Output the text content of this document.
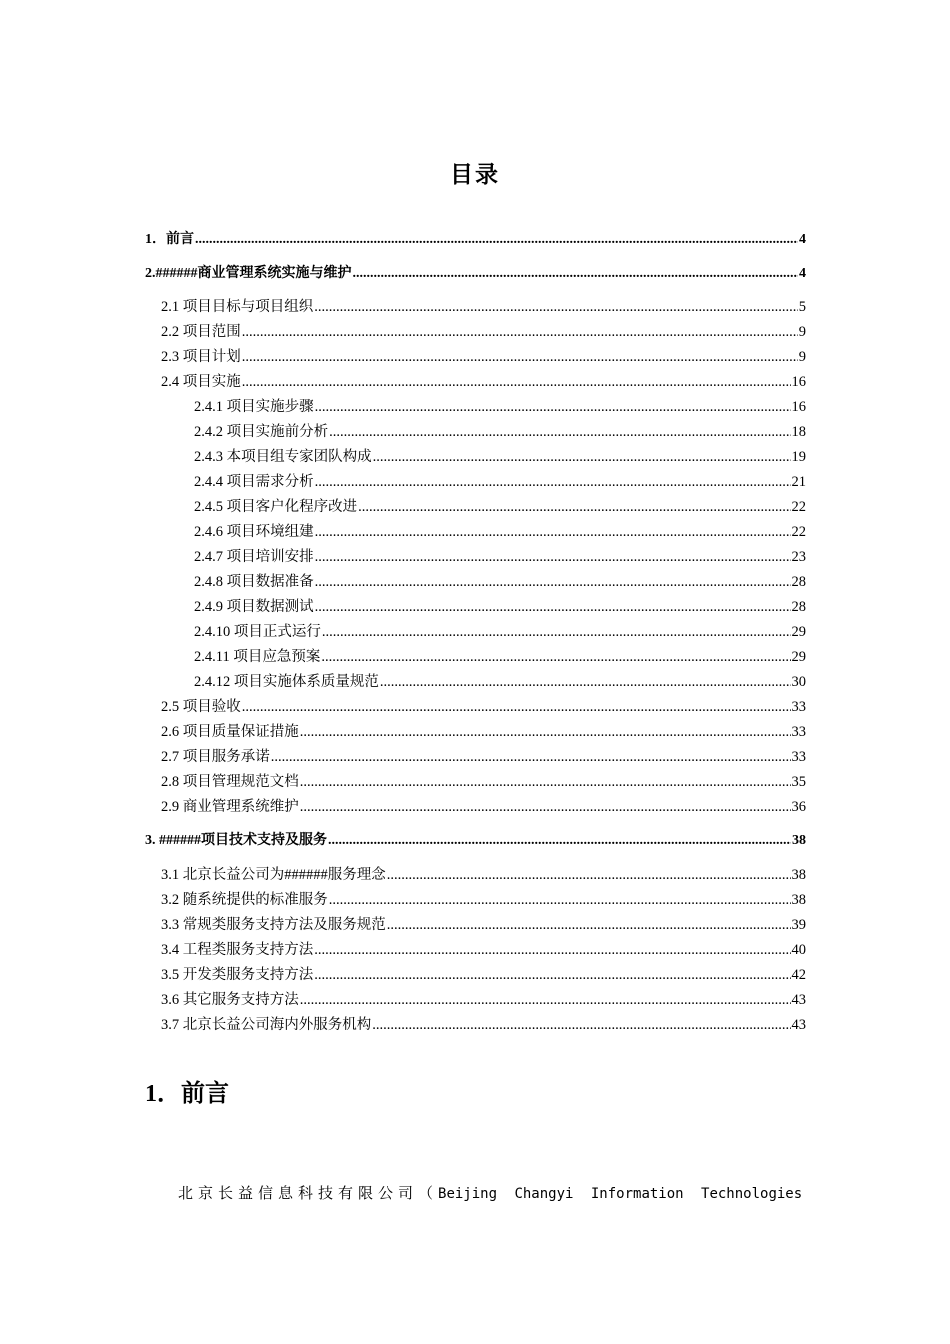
目录
1．前言 .....	4
2.######商业管理系统实施与维护 .....	4
2.1 项目目标与项目组织 .....	5
2.2 项目范围 .....	9
2.3 项目计划 .....	9
2.4 项目实施 .....	16
2.4.1 项目实施步骤 .....	16
2.4.2 项目实施前分析 .....	18
2.4.3 本项目组专家团队构成 .....	19
2.4.4 项目需求分析 .....	21
2.4.5 项目客户化程序改进 .....	22
2.4.6 项目环境组建 .....	22
2.4.7 项目培训安排 .....	23
2.4.8 项目数据准备 .....	28
2.4.9 项目数据测试 .....	28
2.4.10 项目正式运行 .....	29
2.4.11 项目应急预案 .....	29
2.4.12 项目实施体系质量规范 .....	30
2.5 项目验收 .....	33
2.6 项目质量保证措施 .....	33
2.7 项目服务承诺 .....	33
2.8 项目管理规范文档 .....	35
2.9 商业管理系统维护 .....	36
3. ######项目技术支持及服务 .....	38
3.1 北京长益公司为######服务理念 .....	38
3.2 随系统提供的标准服务 .....	38
3.3 常规类服务支持方法及服务规范 .....	39
3.4 工程类服务支持方法 .....	40
3.5 开发类服务支持方法 .....	42
3.6 其它服务支持方法 .....	43
3.7 北京长益公司海内外服务机构 .....	43
1．前言
北京长益信息科技有限公司（Beijing Changyi Information Technologies
